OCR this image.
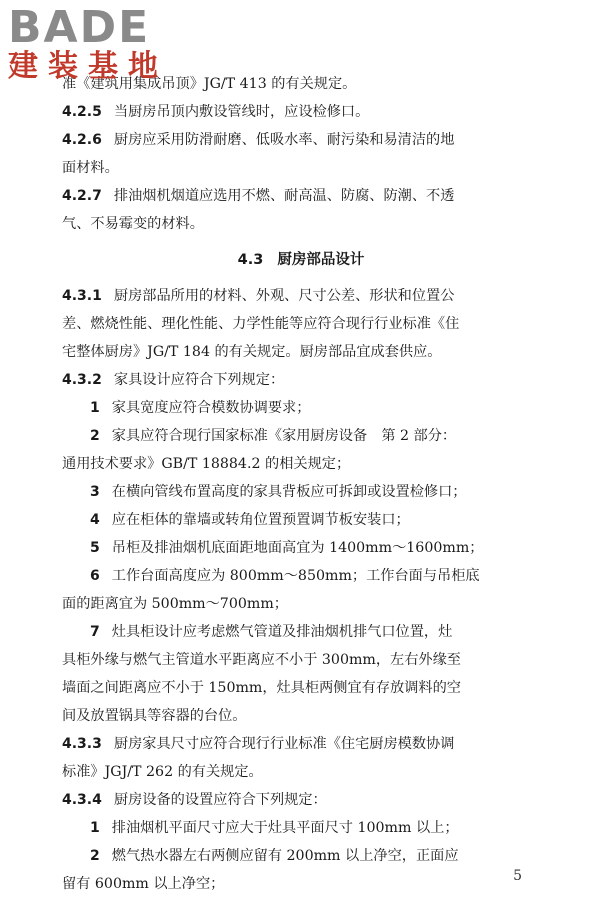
BADE
建装基地
准《建筑用集成吊顶》JG/T 413 的有关规定。
4.2.5 当厨房吊顶内敷设管线时，应设检修口。
4.2.6 厨房应采用防滑耐磨、低吸水率、耐污染和易清洁的地
面材料。
4.2.7 排油烟机烟道应选用不燃、耐高温、防腐、防潮、不透
气、不易霉变的材料。
4.3 厨房部品设计
4.3.1 厨房部品所用的材料、外观、尺寸公差、形状和位置公
差、燃烧性能、理化性能、力学性能等应符合现行行业标准《住
宅整体厨房》JG/T 184 的有关规定。厨房部品宜成套供应。
4.3.2 家具设计应符合下列规定：
1 家具宽度应符合模数协调要求；
2 家具应符合现行国家标准《家用厨房设备　第 2 部分：
通用技术要求》GB/T 18884.2 的相关规定；
3 在横向管线布置高度的家具背板应可拆卸或设置检修口；
4 应在柜体的靠墙或转角位置预置调节板安装口；
5 吊柜及排油烟机底面距地面高宜为 1400mm～1600mm；
6 工作台面高度应为 800mm～850mm；工作台面与吊柜底
面的距离宜为 500mm～700mm；
7 灶具柜设计应考虑燃气管道及排油烟机排气口位置，灶
具柜外缘与燃气主管道水平距离应不小于 300mm，左右外缘至
墙面之间距离应不小于 150mm，灶具柜两侧宜有存放调料的空
间及放置锅具等容器的台位。
4.3.3 厨房家具尺寸应符合现行行业标准《住宅厨房模数协调
标准》JGJ/T 262 的有关规定。
4.3.4 厨房设备的设置应符合下列规定：
1 排油烟机平面尺寸应大于灶具平面尺寸 100mm 以上；
2 燃气热水器左右两侧应留有 200mm 以上净空，正面应
留有 600mm 以上净空；	5
